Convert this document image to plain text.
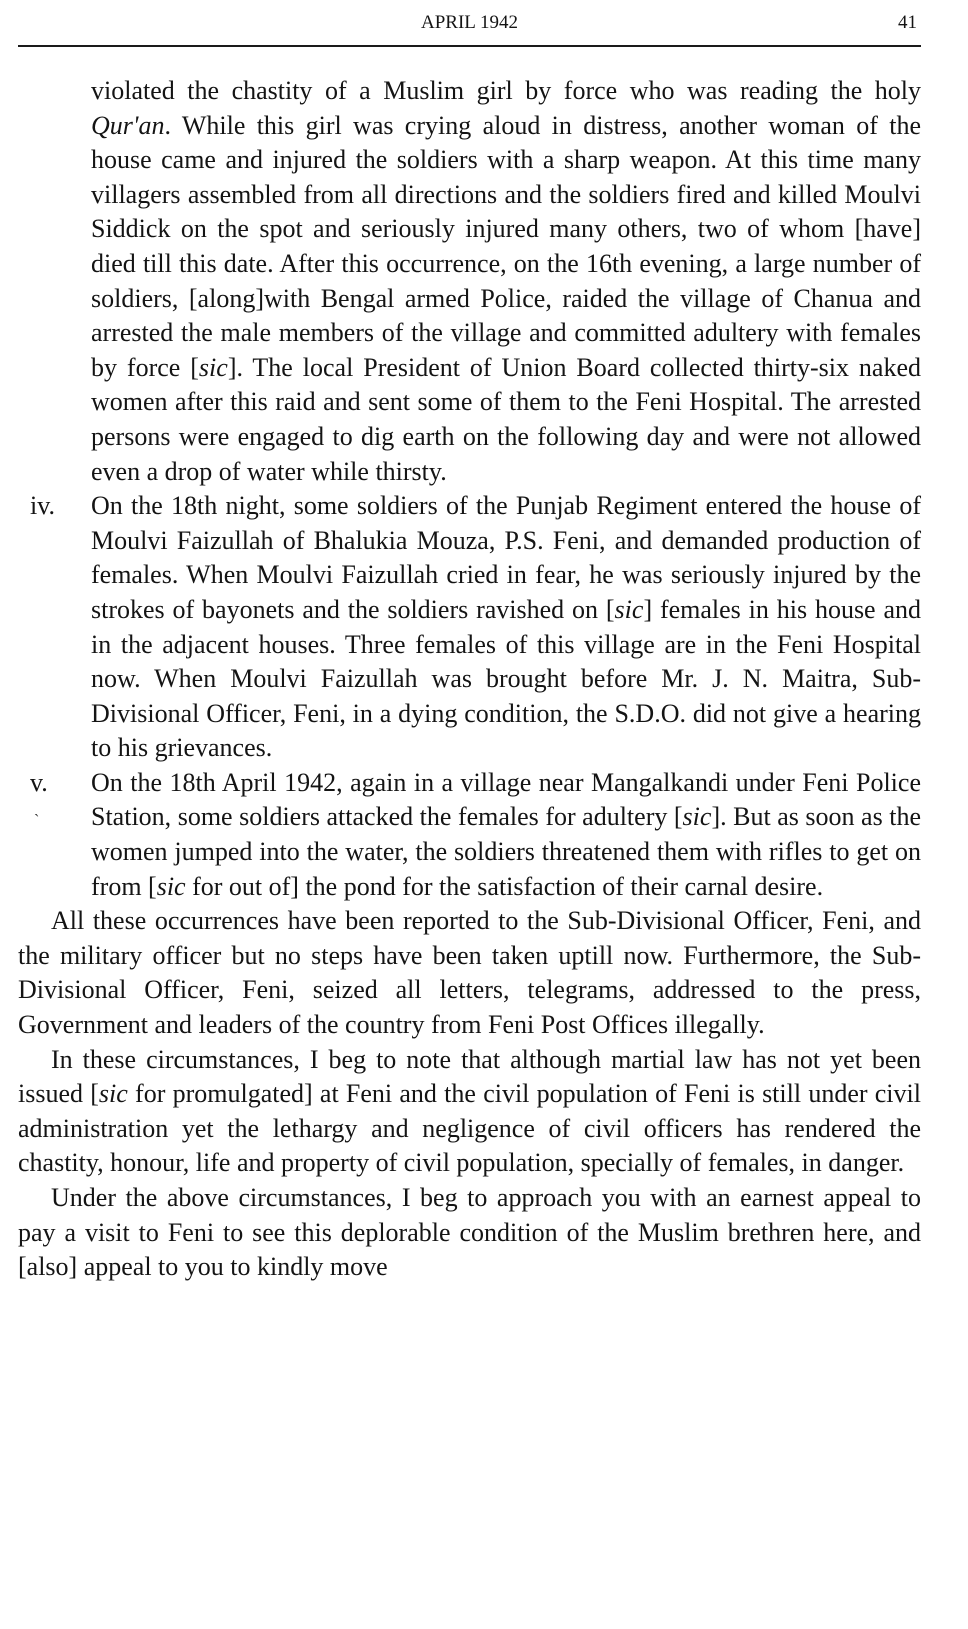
APRIL 1942	41

violated the chastity of a Muslim girl by force who was reading the holy Qur'an. While this girl was crying aloud in distress, another woman of the house came and injured the soldiers with a sharp weapon. At this time many villagers assembled from all directions and the soldiers fired and killed Moulvi Siddick on the spot and seriously injured many others, two of whom [have] died till this date. After this occurrence, on the 16th evening, a large number of soldiers, [along]with Bengal armed Police, raided the village of Chanua and arrested the male members of the village and committed adultery with females by force [sic]. The local President of Union Board collected thirty-six naked women after this raid and sent some of them to the Feni Hospital. The arrested persons were engaged to dig earth on the following day and were not allowed even a drop of water while thirsty.

iv. On the 18th night, some soldiers of the Punjab Regiment entered the house of Moulvi Faizullah of Bhalukia Mouza, P.S. Feni, and demanded production of females. When Moulvi Faizullah cried in fear, he was seriously injured by the strokes of bayonets and the soldiers ravished on [sic] females in his house and in the adjacent houses. Three females of this village are in the Feni Hospital now. When Moulvi Faizullah was brought before Mr. J. N. Maitra, Sub-Divisional Officer, Feni, in a dying condition, the S.D.O. did not give a hearing to his grievances.

v. On the 18th April 1942, again in a village near Mangalkandi under Feni Police Station, some soldiers attacked the females for adultery [sic]. But as soon as the women jumped into the water, the soldiers threatened them with rifles to get on from [sic for out of] the pond for the satisfaction of their carnal desire.

All these occurrences have been reported to the Sub-Divisional Officer, Feni, and the military officer but no steps have been taken uptill now. Furthermore, the Sub-Divisional Officer, Feni, seized all letters, telegrams, addressed to the press, Government and leaders of the country from Feni Post Offices illegally.

In these circumstances, I beg to note that although martial law has not yet been issued [sic for promulgated] at Feni and the civil population of Feni is still under civil administration yet the lethargy and negligence of civil officers has rendered the chastity, honour, life and property of civil population, specially of females, in danger.

Under the above circumstances, I beg to approach you with an earnest appeal to pay a visit to Feni to see this deplorable condition of the Muslim brethren here, and [also] appeal to you to kindly move

`
